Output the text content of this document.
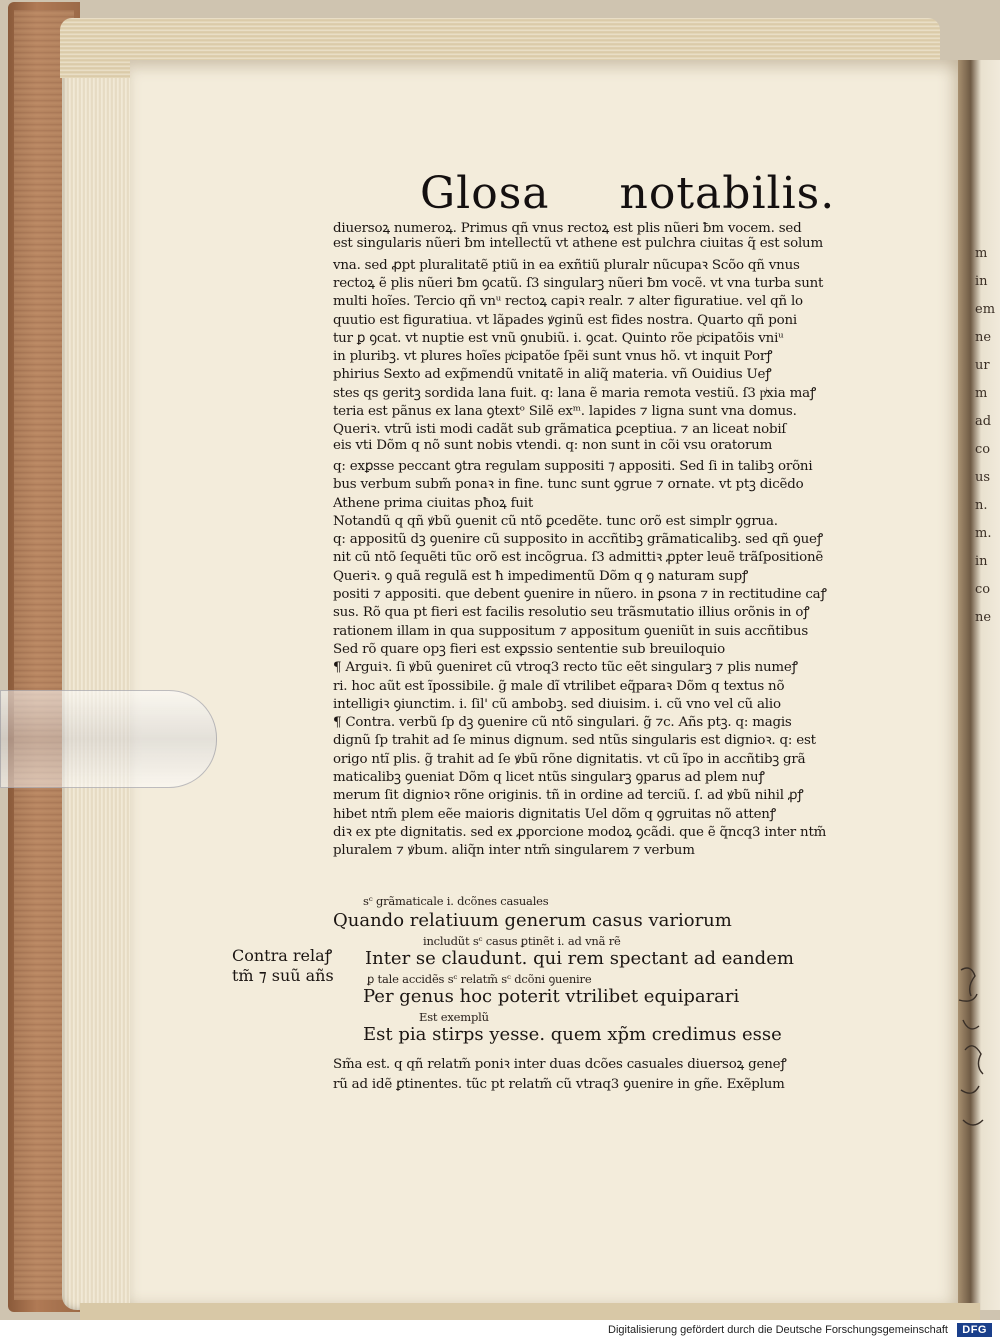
m
in
em
ne
ur
m
ad
co
us
n.
m.
in
co
ne
Glosa notabilis.
diuersoꝝ numeroꝝ. Primus qñ vnus rectoꝝ est plis nũeri ƀm vocem. sed
est singularis nũeri ƀm intellectũ vt athene est pulchra ciuitas q̃ est solum
vna. sed ꝓpt pluralitatẽ ptiũ in ea exñtiũ pluralr nũcupaꝛ Scõo qñ vnus
rectoꝝ ẽ plis nũeri ƀm ꝯcatũ. ſ3 singularꝫ nũeri ƀm vocẽ. vt vna turba sunt
multi hoĩes. Tercio qñ vnᵘ rectoꝝ capiꝛ realr. ⁊ alter figuratiue. vel qñ lo
quutio est figuratiua. vt lãpades ꝟginũ est fides nostra. Quarto qñ poni
tur ꝑ ꝯcat. vt nuptie est vnũ ꝯnubiũ. i. ꝯcat. Quinto rõe pͥcipatõis vniᵘ
in pluribꝫ. vt plures hoĩes pͥcipatõe ſpẽi sunt vnus hõ. vt inquit Porꝭ
phirius Sexto ad exp̃mendũ vnitatẽ in aliq̃ materia. vñ Ouidius Ueꝭ
stes qs geritꝫ sordida lana fuit. q: lana ẽ maria remota vestiũ. ſ3 pͥxia maꝭ
teria est pãnus ex lana ꝯtextᵒ Silẽ exᵐ. lapides ⁊ ligna sunt vna domus.
Queriꝛ. vtrũ isti modi cadãt sub grãmatica ꝑceptiua. ⁊ an liceat nobiſ
eis vti Dõm q nõ sunt nobis vtendi. q: non sunt in cõi vsu oratorum
q: exꝑsse peccant ꝯtra regulam suppositi ⁊ appositi. Sed ſi in talibꝫ orõni
bus verbum subm̃ ponaꝛ in fine. tunc sunt ꝯgrue ⁊ ornate. vt ptꝫ dicẽdo
Athene prima ciuitas pħoꝝ fuit
Notandũ q qñ ꝟbũ ꝯuenit cũ ntõ ꝑcedẽte. tunc orõ est simplr ꝯgrua.
q: appositũ dꝫ ꝯuenire cũ supposito in accñtibꝫ grãmaticalibꝫ. sed qñ ꝯueꝭ
nit cũ ntõ ſequẽti tũc orõ est incõgrua. ſ3 admittiꝛ ꝓpter leuẽ trãſpositionẽ
Queriꝛ. ꝯ quã regulã est ħ impedimentũ Dõm q ꝯ naturam supꝭ
positi ⁊ appositi. que debent ꝯuenire in nũero. in ꝑsona ⁊ in rectitudine caꝭ
sus. Rõ qua pt fieri est facilis resolutio seu trãsmutatio illius orõnis in oꝭ
rationem illam in qua suppositum ⁊ appositum ꝯueniũt in suis accñtibus
Sed rõ quare opꝫ fieri est exꝑssio sententie sub breuiloquio
¶ Arguiꝛ. ſi ꝟbũ ꝯueniret cũ vtroq3 recto tũc eẽt singularꝫ ⁊ plis numeꝭ
ri. hoc aũt est ĩpossibile. g̃ male dĩ vtrilibet eq̃paraꝛ Dõm q textus nõ
intelligiꝛ ꝯiunctim. i. ſil' cũ ambobꝫ. sed diuisim. i. cũ vno vel cũ alio
¶ Contra. verbũ ſp dꝫ ꝯuenire cũ ntõ singulari. g̃ ⁊c. Añs ptꝫ. q: magis
dignũ ſp trahit ad ſe minus dignum. sed ntũs singularis est dignioꝛ. q: est
origo ntĩ plis. g̃ trahit ad ſe ꝟbũ rõne dignitatis. vt cũ ĩpo in accñtibꝫ grã
maticalibꝫ ꝯueniat Dõm q licet ntũs singularꝫ ꝯparus ad plem nuꝭ
merum ſit dignioꝛ rõne originis. tñ in ordine ad terciũ. ſ. ad ꝟbũ nihil ꝓꝭ
hibet ntm̃ plem eẽe maioris dignitatis Uel dõm q ꝯgruitas nõ attenꝭ
diꝛ ex pte dignitatis. sed ex ꝓporcione modoꝝ ꝯcãdi. que ẽ q̃ncq3 inter ntm̃
pluralem ⁊ ꝟbum. aliq̃n inter ntm̃ singularem ⁊ verbum
sᶜ grãmaticale i. dcõnes casuales
Quando relatiuum generum casus variorum
includũt sᶜ casus ꝑtinẽt i. ad vnã rẽ
Inter se claudunt. qui rem spectant ad eandem
ꝑ tale accidẽs sᶜ relatm̃ sᶜ dcõni ꝯuenire
Per genus hoc poterit vtrilibet equiparari
Est exemplũ
Est pia stirps yesse. quem xp̃m credimus esse
Sm̃a est. q qñ relatm̃ poniꝛ inter duas dcões casuales diuersoꝝ geneꝭ
rũ ad idẽ ꝑtinentes. tũc pt relatm̃ cũ vtraq3 ꝯuenire in gñe. Exẽplum
Contra relaꝭ
tm̃ ⁊ suũ añs
Digitalisierung gefördert durch die Deutsche Forschungsgemeinschaft	DFG
